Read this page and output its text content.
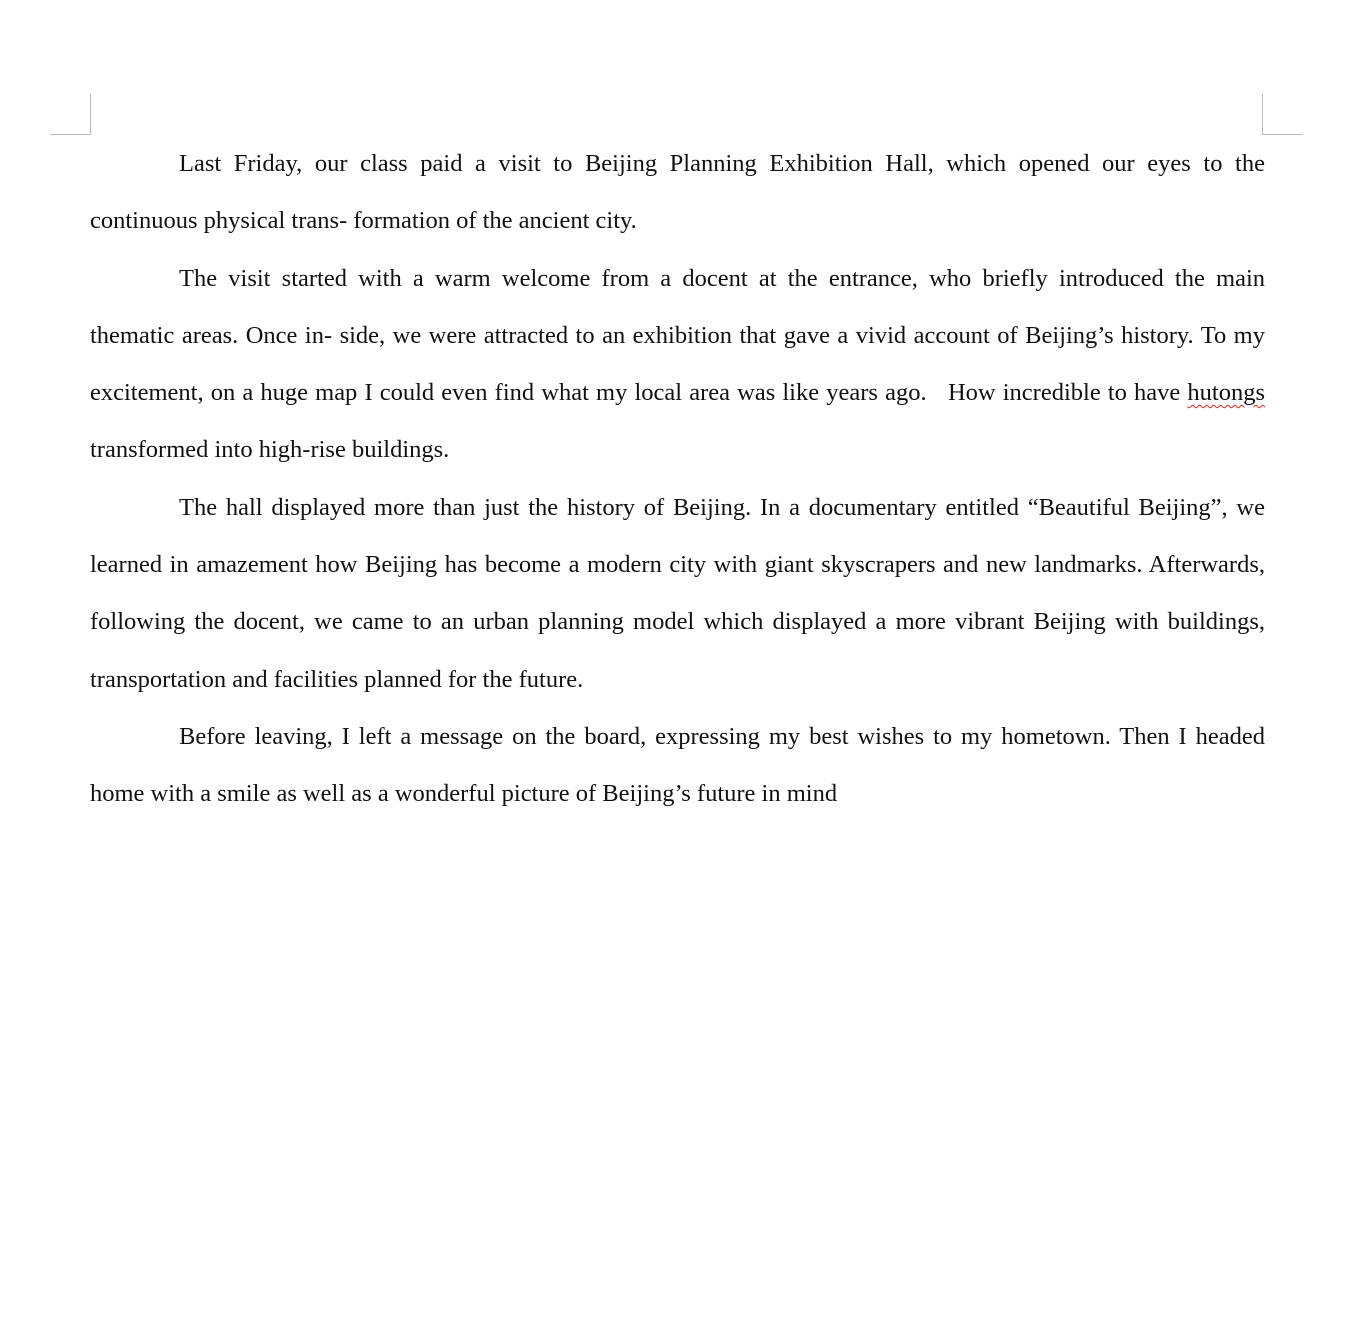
Last Friday, our class paid a visit to Beijing Planning Exhibition Hall, which opened our eyes to the continuous physical trans- formation of the ancient city.

The visit started with a warm welcome from a docent at the entrance, who briefly introduced the main thematic areas. Once in- side, we were attracted to an exhibition that gave a vivid account of Beijing’s history. To my excitement, on a huge map I could even find what my local area was like years ago.   How incredible to have hutongs transformed into high-rise buildings.

The hall displayed more than just the history of Beijing. In a documentary entitled “Beautiful Beijing”, we learned in amazement how Beijing has become a modern city with giant skyscrapers and new landmarks. Afterwards, following the docent, we came to an urban planning model which displayed a more vibrant Beijing with buildings, transportation and facilities planned for the future.

Before leaving, I left a message on the board, expressing my best wishes to my hometown. Then I headed home with a smile as well as a wonderful picture of Beijing’s future in mind
